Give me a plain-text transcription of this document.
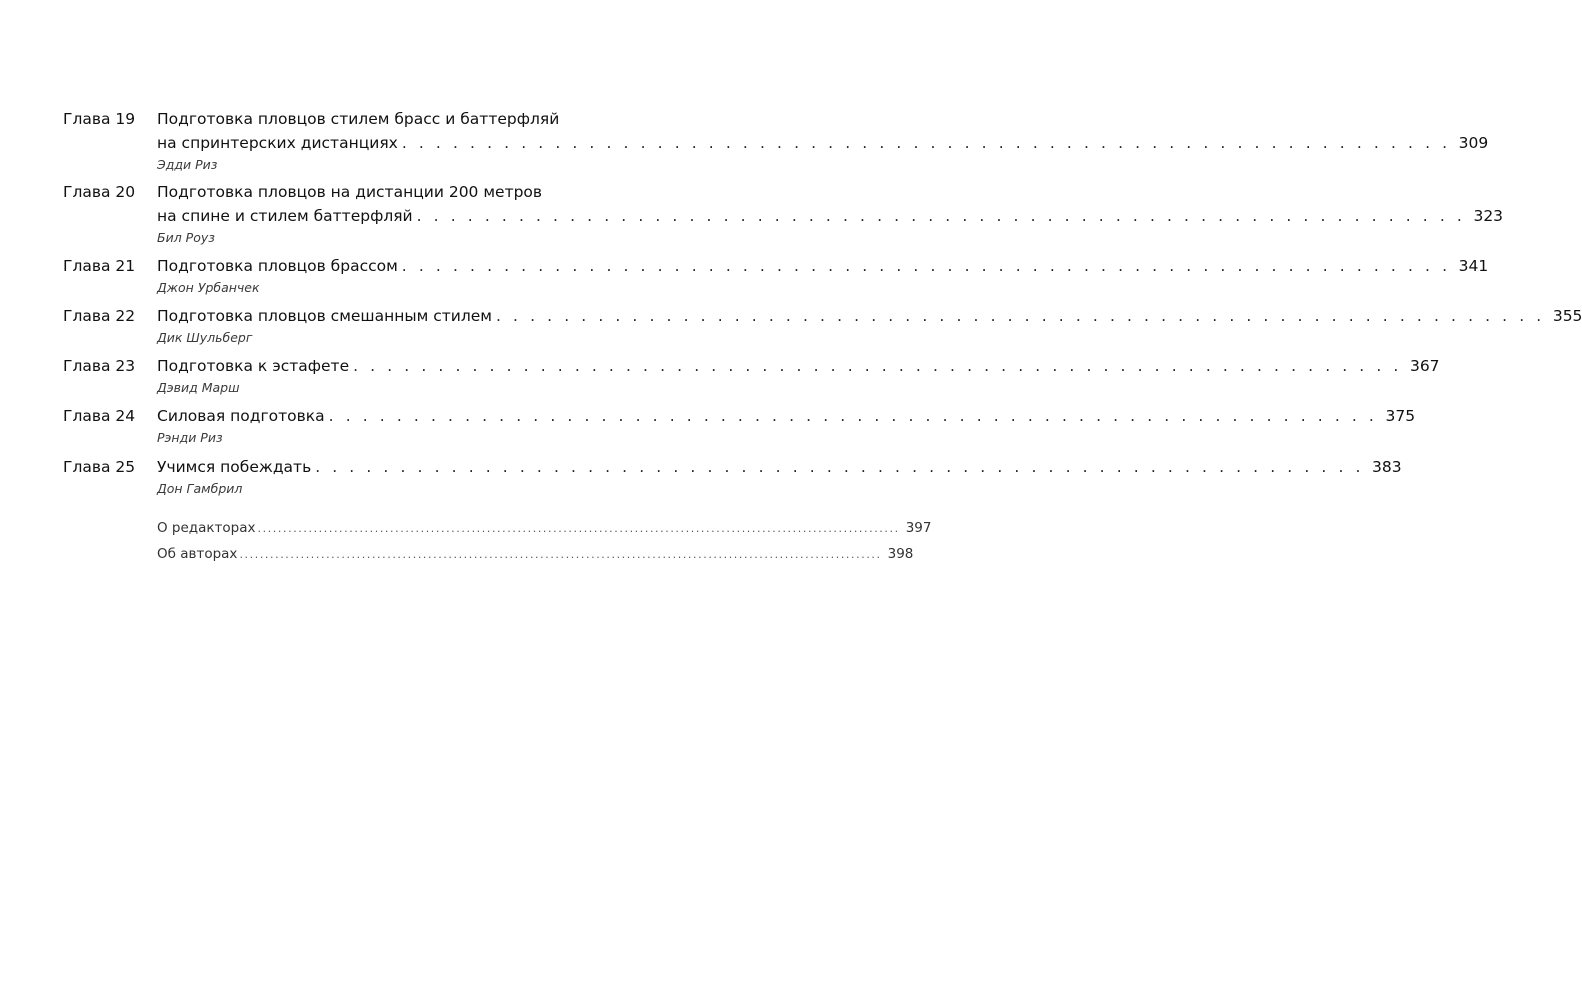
Глава 19 Подготовка пловцов стилем брасс и баттерфляй
на спринтерских дистанциях . . . . . . . . . . . . . . . . . . . . . . . . . . . . . . . . . . . . . . . . . . . . . . . . . . . . . . . . . . . . . . 309
Эдди Риз
Глава 20 Подготовка пловцов на дистанции 200 метров
на спине и стилем баттерфляй . . . . . . . . . . . . . . . . . . . . . . . . . . . . . . . . . . . . . . . . . . . . . . . . . . . . . . . . . . . . . . 323
Бил Роуз
Глава 21 Подготовка пловцов брассом . . . . . . . . . . . . . . . . . . . . . . . . . . . . . . . . . . . . . . . . . . . . . . . . . . . . . . . . . . . . . . 341
Джон Урбанчек
Глава 22 Подготовка пловцов смешанным стилем . . . . . . . . . . . . . . . . . . . . . . . . . . . . . . . . . . . . . . . . . . . . . . . . . . . . . . . . . . . . . . 355
Дик Шульберг
Глава 23 Подготовка к эстафете . . . . . . . . . . . . . . . . . . . . . . . . . . . . . . . . . . . . . . . . . . . . . . . . . . . . . . . . . . . . . . 367
Дэвид Марш
Глава 24 Силовая подготовка . . . . . . . . . . . . . . . . . . . . . . . . . . . . . . . . . . . . . . . . . . . . . . . . . . . . . . . . . . . . . . 375
Рэнди Риз
Глава 25 Учимся побеждать . . . . . . . . . . . . . . . . . . . . . . . . . . . . . . . . . . . . . . . . . . . . . . . . . . . . . . . . . . . . . . 383
Дон Гамбрил
О редакторах .............................................................................................................................. 397
Об авторах .............................................................................................................................. 398
